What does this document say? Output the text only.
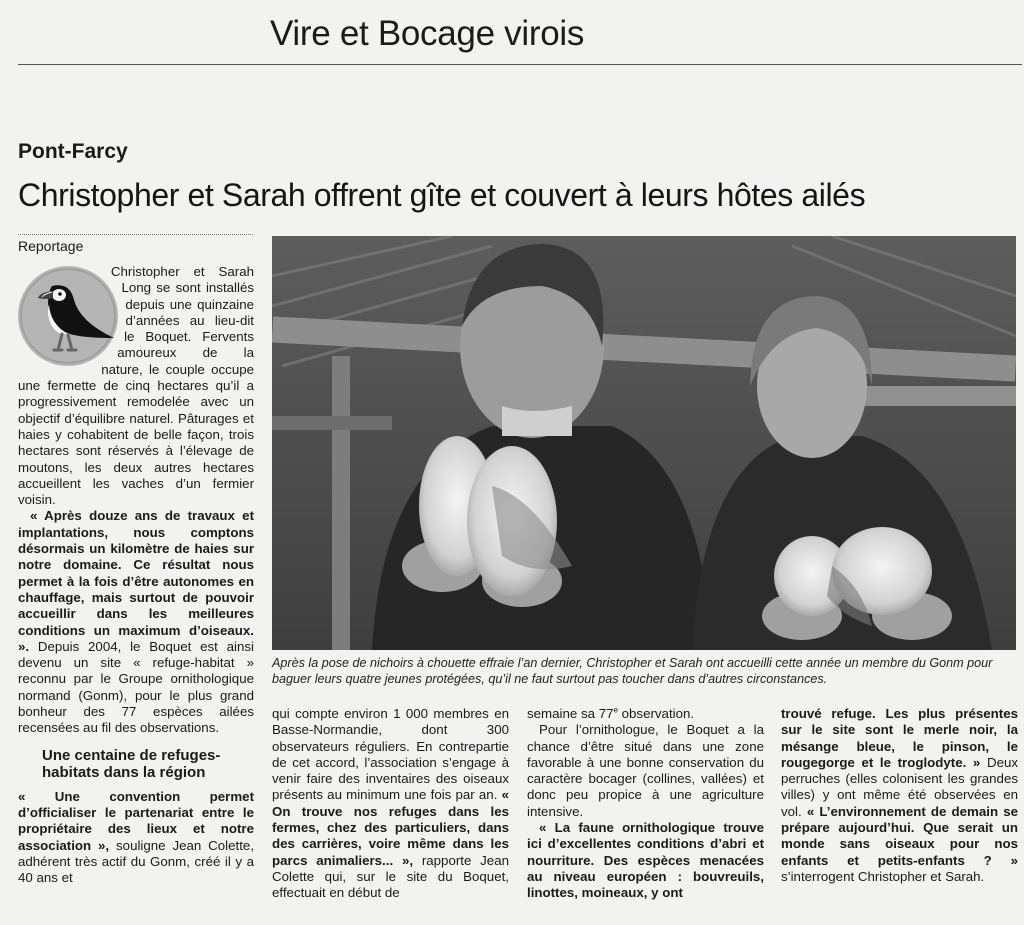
Vire et Bocage virois
Pont-Farcy
Christopher et Sarah offrent gîte et couvert à leurs hôtes ailés
Reportage

Christopher et Sarah Long se sont installés depuis une quinzaine d’années au lieu-dit le Boquet. Fervents amoureux de la nature, le couple occupe une fermette de cinq hectares qu’il a progressivement remodelée avec un objectif d’équilibre naturel. Pâturages et haies y cohabitent de belle façon, trois hectares sont réservés à l’élevage de moutons, les deux autres hectares accueillent les vaches d’un fermier voisin.

« Après douze ans de travaux et implantations, nous comptons désormais un kilomètre de haies sur notre domaine. Ce résultat nous permet à la fois d’être autonomes en chauffage, mais surtout de pouvoir accueillir dans les meilleures conditions un maximum d’oiseaux. ». Depuis 2004, le Boquet est ainsi devenu un site « refuge-habitat » reconnu par le Groupe ornithologique normand (Gonm), pour le plus grand bonheur des 77 espèces ailées recensées au fil des observations.

Une centaine de refuges-habitats dans la région

« Une convention permet d’officialiser le partenariat entre le propriétaire des lieux et notre association », souligne Jean Colette, adhérent très actif du Gonm, créé il y a 40 ans et

Après la pose de nichoirs à chouette effraie l’an dernier, Christopher et Sarah ont accueilli cette année un membre du Gonm pour baguer leurs quatre jeunes protégées, qu’il ne faut surtout pas toucher dans d’autres circonstances.

qui compte environ 1 000 membres en Basse-Normandie, dont 300 observateurs réguliers. En contrepartie de cet accord, l’association s’engage à venir faire des inventaires des oiseaux présents au minimum une fois par an. « On trouve nos refuges dans les fermes, chez des particuliers, dans des carrières, voire même dans les parcs animaliers... », rapporte Jean Colette qui, sur le site du Boquet, effectuait en début de

semaine sa 77e observation.

Pour l’ornithologue, le Boquet a la chance d’être situé dans une zone favorable à une bonne conservation du caractère bocager (collines, vallées) et donc peu propice à une agriculture intensive.

« La faune ornithologique trouve ici d’excellentes conditions d’abri et nourriture. Des espèces menacées au niveau européen : bouvreuils, linottes, moineaux, y ont

trouvé refuge. Les plus présentes sur le site sont le merle noir, la mésange bleue, le pinson, le rougegorge et le troglodyte. » Deux perruches (elles colonisent les grandes villes) y ont même été observées en vol. « L’environnement de demain se prépare aujourd’hui. Que serait un monde sans oiseaux pour nos enfants et petits-enfants ? » s’interrogent Christopher et Sarah.
